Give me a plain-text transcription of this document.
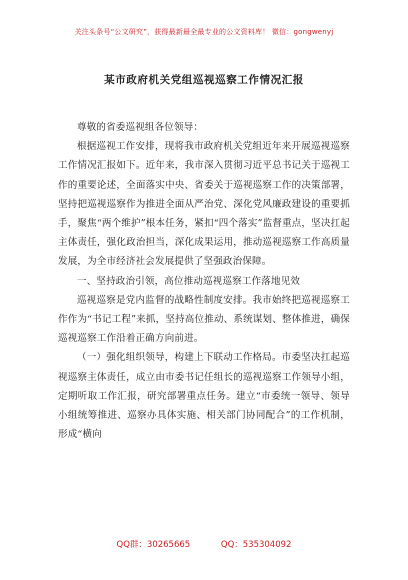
关注头条号“公文研究”，获得最新最全最专业的公文资料库！ 微信：gongwenyj
某市政府机关党组巡视巡察工作情况汇报

尊敬的省委巡视组各位领导：

根据巡视工作安排，现将我市政府机关党组近年来开展巡视巡察工作情况汇报如下。近年来，我市深入贯彻习近平总书记关于巡视工作的重要论述，全面落实中央、省委关于巡视巡察工作的决策部署，坚持把巡视巡察作为推进全面从严治党、深化党风廉政建设的重要抓手，聚焦“两个维护”根本任务，紧扣“四个落实”监督重点，坚决扛起主体责任，强化政治担当，深化成果运用，推动巡视巡察工作高质量发展，为全市经济社会发展提供了坚强政治保障。

一、坚持政治引领，高位推动巡视巡察工作落地见效

巡视巡察是党内监督的战略性制度安排。我市始终把巡视巡察工作作为“书记工程”来抓，坚持高位推动、系统谋划、整体推进，确保巡视巡察工作沿着正确方向前进。

（一）强化组织领导，构建上下联动工作格局。市委坚决扛起巡视巡察主体责任，成立由市委书记任组长的巡视巡察工作领导小组，定期听取工作汇报，研究部署重点任务。建立“市委统一领导、领导小组统筹推进、巡察办具体实施、相关部门协同配合”的工作机制，形成“横向

QQ群：30265665	QQ：535304092
